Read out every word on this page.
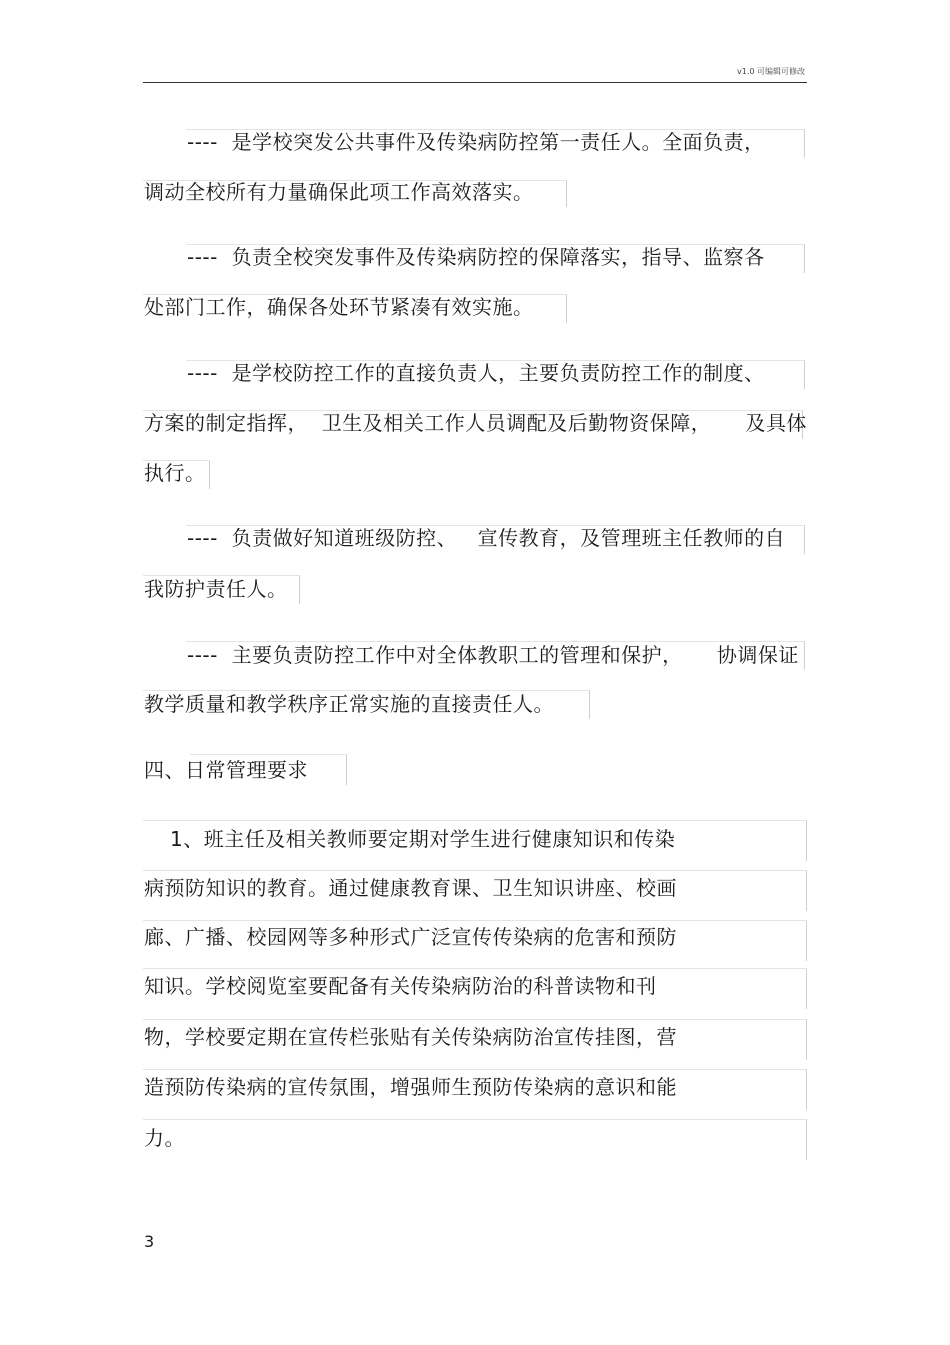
v1.0 可编辑可修改
----  是学校突发公共事件及传染病防控第一责任人。全面负责，
调动全校所有力量确保此项工作高效落实。
----  负责全校突发事件及传染病防控的保障落实，指导、监察各
处部门工作，确保各处环节紧凑有效实施。
----  是学校防控工作的直接负责人，主要负责防控工作的制度、
方案的制定指挥，  卫生及相关工作人员调配及后勤物资保障，     及具体
执行。
----  负责做好知道班级防控、   宣传教育，及管理班主任教师的自
我防护责任人。
----  主要负责防控工作中对全体教职工的管理和保护，     协调保证
教学质量和教学秩序正常实施的直接责任人。
四、日常管理要求
1、班主任及相关教师要定期对学生进行健康知识和传染
病预防知识的教育。通过健康教育课、卫生知识讲座、校画
廊、广播、校园网等多种形式广泛宣传传染病的危害和预防
知识。学校阅览室要配备有关传染病防治的科普读物和刊
物，学校要定期在宣传栏张贴有关传染病防治宣传挂图，营
造预防传染病的宣传氛围，增强师生预防传染病的意识和能
力。
3
